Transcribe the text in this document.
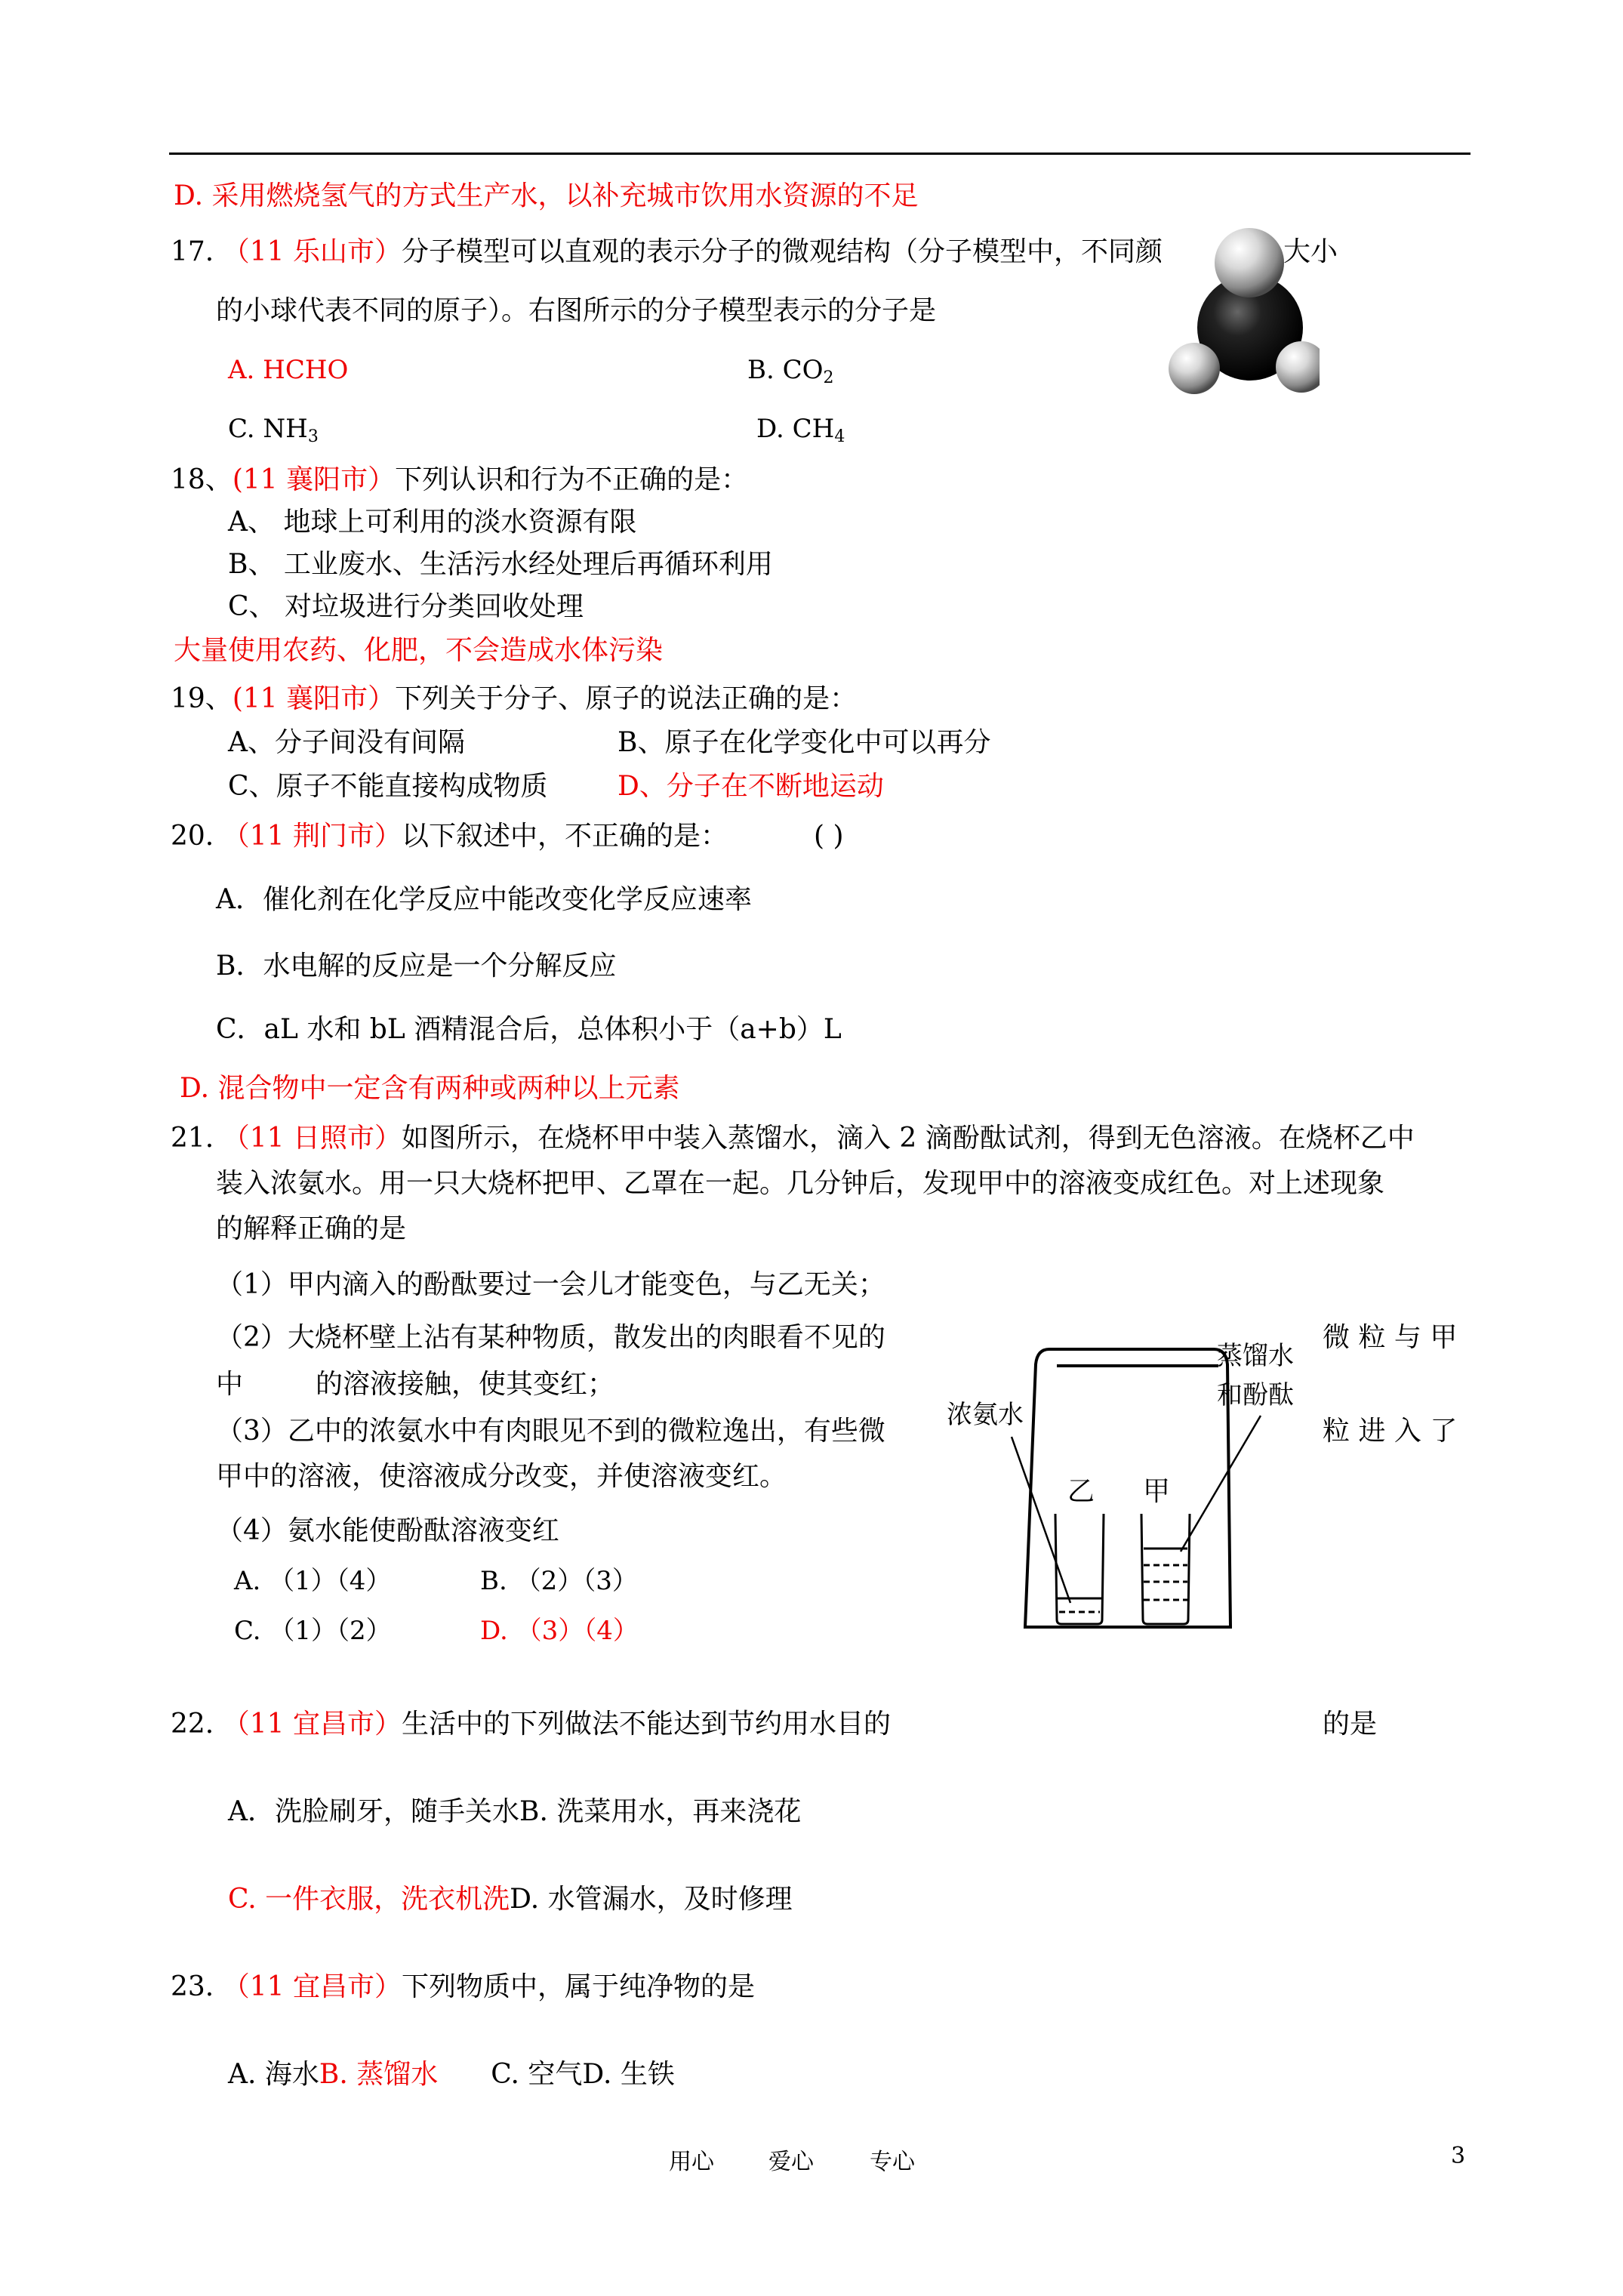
D. 采用燃烧氢气的方式生产水，以补充城市饮用水资源的不足
17. （11 乐山市）分子模型可以直观的表示分子的微观结构（分子模型中，不同颜	大小
的小球代表不同的原子）。右图所示的分子模型表示的分子是
A. HCHO	B. $CO_2$
C. $NH_3$	D. $CH_4$
18、(11 襄阳市）下列认识和行为不正确的是：
A、 地球上可利用的淡水资源有限
B、 工业废水、生活污水经处理后再循环利用
C、 对垃圾进行分类回收处理
大量使用农药、化肥，不会造成水体污染
19、(11 襄阳市）下列关于分子、原子的说法正确的是：
A、分子间没有间隔	B、原子在化学变化中可以再分
C、原子不能直接构成物质	D、分子在不断地运动
20. （11 荆门市）以下叙述中，不正确的是：	( )
A．催化剂在化学反应中能改变化学反应速率
B．水电解的反应是一个分解反应
C．aL 水和 bL 酒精混合后，总体积小于（a+b）L
D. 混合物中一定含有两种或两种以上元素
21. （11 日照市）如图所示，在烧杯甲中装入蒸馏水，滴入 2 滴酚酞试剂，得到无色溶液。在烧杯乙中
装入浓氨水。用一只大烧杯把甲、乙罩在一起。几分钟后，发现甲中的溶液变成红色。对上述现象
的解释正确的是
（1）甲内滴入的酚酞要过一会儿才能变色，与乙无关；
（2）大烧杯壁上沾有某种物质，散发出的肉眼看不见的	微 粒 与 甲
中	的溶液接触，使其变红；
（3）乙中的浓氨水中有肉眼见不到的微粒逸出，有些微	粒 进 入 了
甲中的溶液，使溶液成分改变，并使溶液变红。
（4）氨水能使酚酞溶液变红
A. （1）（4）	B. （2）（3）
C. （1）（2）	D. （3）（4）
浓氨水
蒸馏水
和酚酞
乙 甲
22. （11 宜昌市）生活中的下列做法不能达到节约用水目的	的是
A．洗脸刷牙，随手关水B. 洗菜用水，再来浇花
C. 一件衣服，洗衣机洗D. 水管漏水，及时修理
23. （11 宜昌市）下列物质中，属于纯净物的是
A. 海水B. 蒸馏水 C. 空气D. 生铁
用心 爱心 专心	3
